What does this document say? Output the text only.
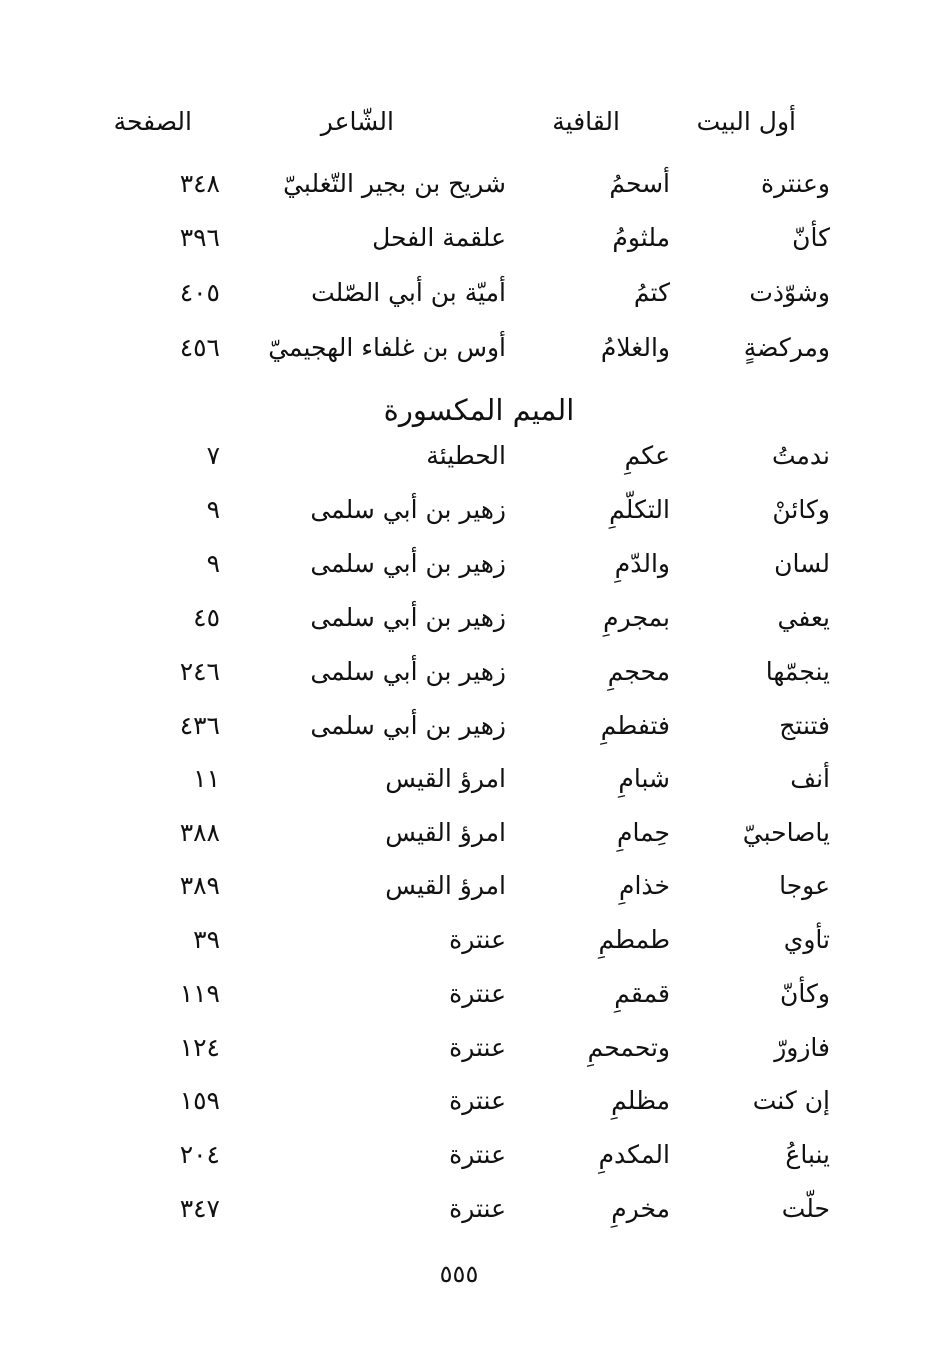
أول البيت
القافية
الشّاعر
الصفحة
وعنترة
أسحمُ
شريح بن بجير التّغلبيّ
٣٤٨
كأنّ
ملثومُ
علقمة الفحل
٣٩٦
وشوّذت
كتمُ
أميّة بن أبي الصّلت
٤٠٥
ومركضةٍ
والغلامُ
أوس بن غلفاء الهجيميّ
٤٥٦
الميم المكسورة
ندمتُ
عكمِ
الحطيئة
٧
وكائنْ
التكلّمِ
زهير بن أبي سلمى
٩
لسان
والدّمِ
زهير بن أبي سلمى
٩
يعفي
بمجرمِ
زهير بن أبي سلمى
٤٥
ينجمّها
محجمِ
زهير بن أبي سلمى
٢٤٦
فتنتج
فتفطمِ
زهير بن أبي سلمى
٤٣٦
أنف
شبامِ
امرؤ القيس
١١
ياصاحبيّ
حِمامِ
امرؤ القيس
٣٨٨
عوجا
خذامِ
امرؤ القيس
٣٨٩
تأوي
طمطمِ
عنترة
٣٩
وكأنّ
قمقمِ
عنترة
١١٩
فازورّ
وتحمحمِ
عنترة
١٢٤
إن كنت
مظلمِ
عنترة
١٥٩
ينباعُ
المكدمِ
عنترة
٢٠٤
حلّت
مخرمِ
عنترة
٣٤٧
٥٥٥
